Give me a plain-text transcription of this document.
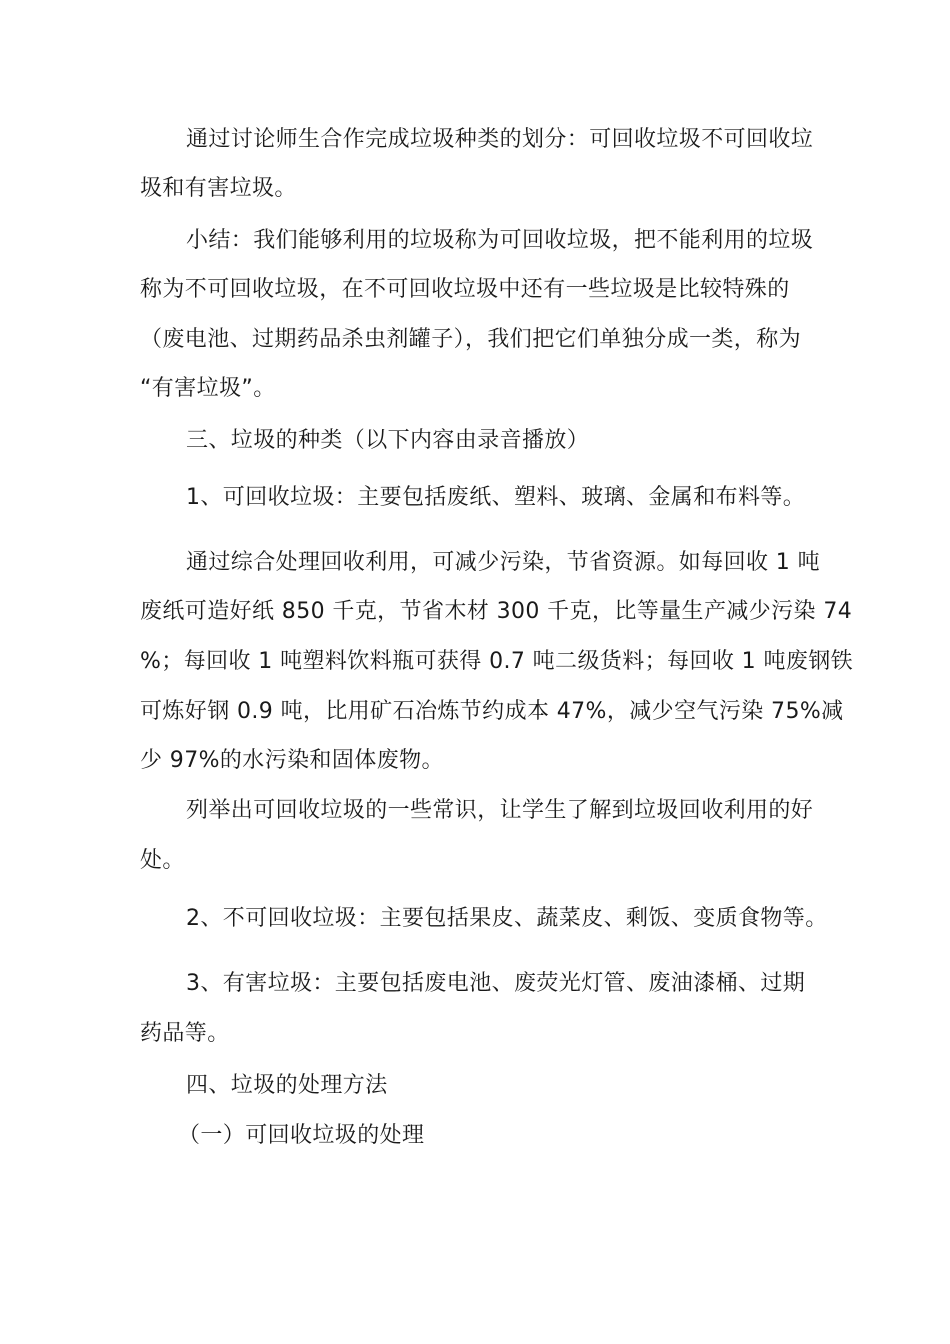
通过讨论师生合作完成垃圾种类的划分：可回收垃圾不可回收垃
圾和有害垃圾。
小结：我们能够利用的垃圾称为可回收垃圾，把不能利用的垃圾
称为不可回收垃圾，在不可回收垃圾中还有一些垃圾是比较特殊的
（废电池、过期药品杀虫剂罐子），我们把它们单独分成一类，称为
“有害垃圾”。
三、垃圾的种类（以下内容由录音播放）
1、可回收垃圾：主要包括废纸、塑料、玻璃、金属和布料等。
通过综合处理回收利用，可减少污染，节省资源。如每回收 1 吨
废纸可造好纸 850 千克，节省木材 300 千克，比等量生产减少污染 74
%；每回收 1 吨塑料饮料瓶可获得 0.7 吨二级货料；每回收 1 吨废钢铁
可炼好钢 0.9 吨，比用矿石冶炼节约成本 47%，减少空气污染 75%减
少 97%的水污染和固体废物。
列举出可回收垃圾的一些常识，让学生了解到垃圾回收利用的好
处。
2、不可回收垃圾：主要包括果皮、蔬菜皮、剩饭、变质食物等。
3、有害垃圾：主要包括废电池、废荧光灯管、废油漆桶、过期
药品等。
四、垃圾的处理方法
（一）可回收垃圾的处理
